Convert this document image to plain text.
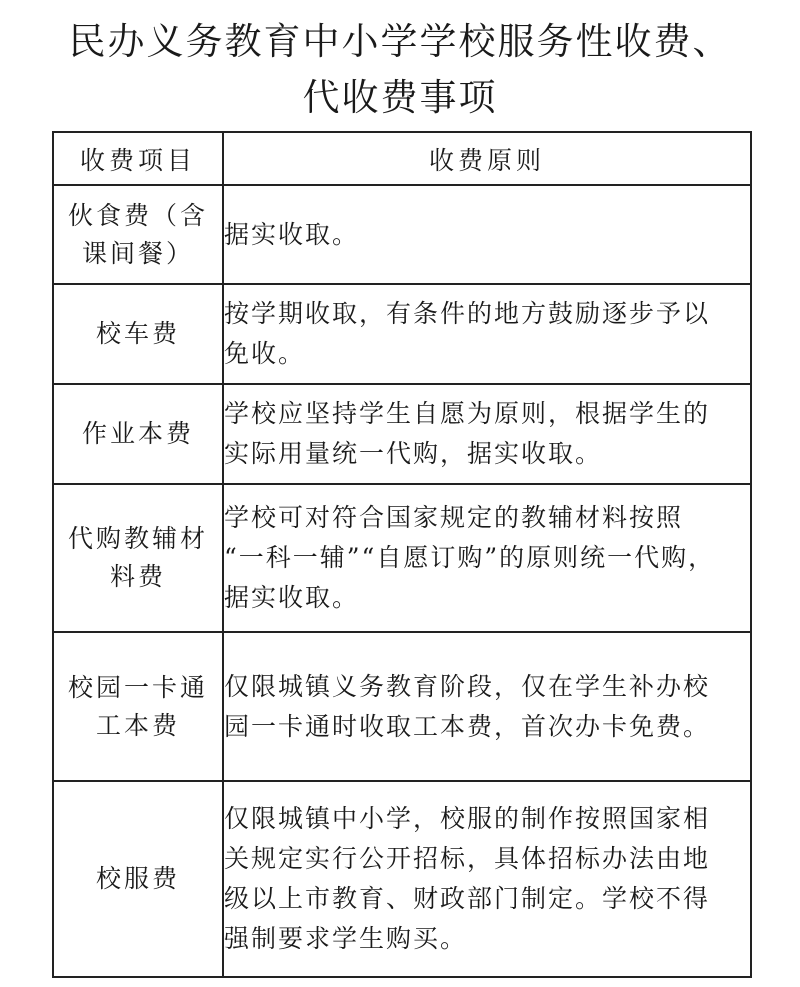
民办义务教育中小学学校服务性收费、
代收费事项
收费项目	收费原则

伙食费（含
课间餐）	据实收取。

校车费	按学期收取，有条件的地方鼓励逐步予以
免收。

作业本费	学校应坚持学生自愿为原则，根据学生的
实际用量统一代购，据实收取。

代购教辅材
料费	学校可对符合国家规定的教辅材料按照
“一科一辅”“自愿订购”的原则统一代购，
据实收取。

校园一卡通
工本费	仅限城镇义务教育阶段，仅在学生补办校
园一卡通时收取工本费，首次办卡免费。

校服费	仅限城镇中小学，校服的制作按照国家相
关规定实行公开招标，具体招标办法由地
级以上市教育、财政部门制定。学校不得
强制要求学生购买。
